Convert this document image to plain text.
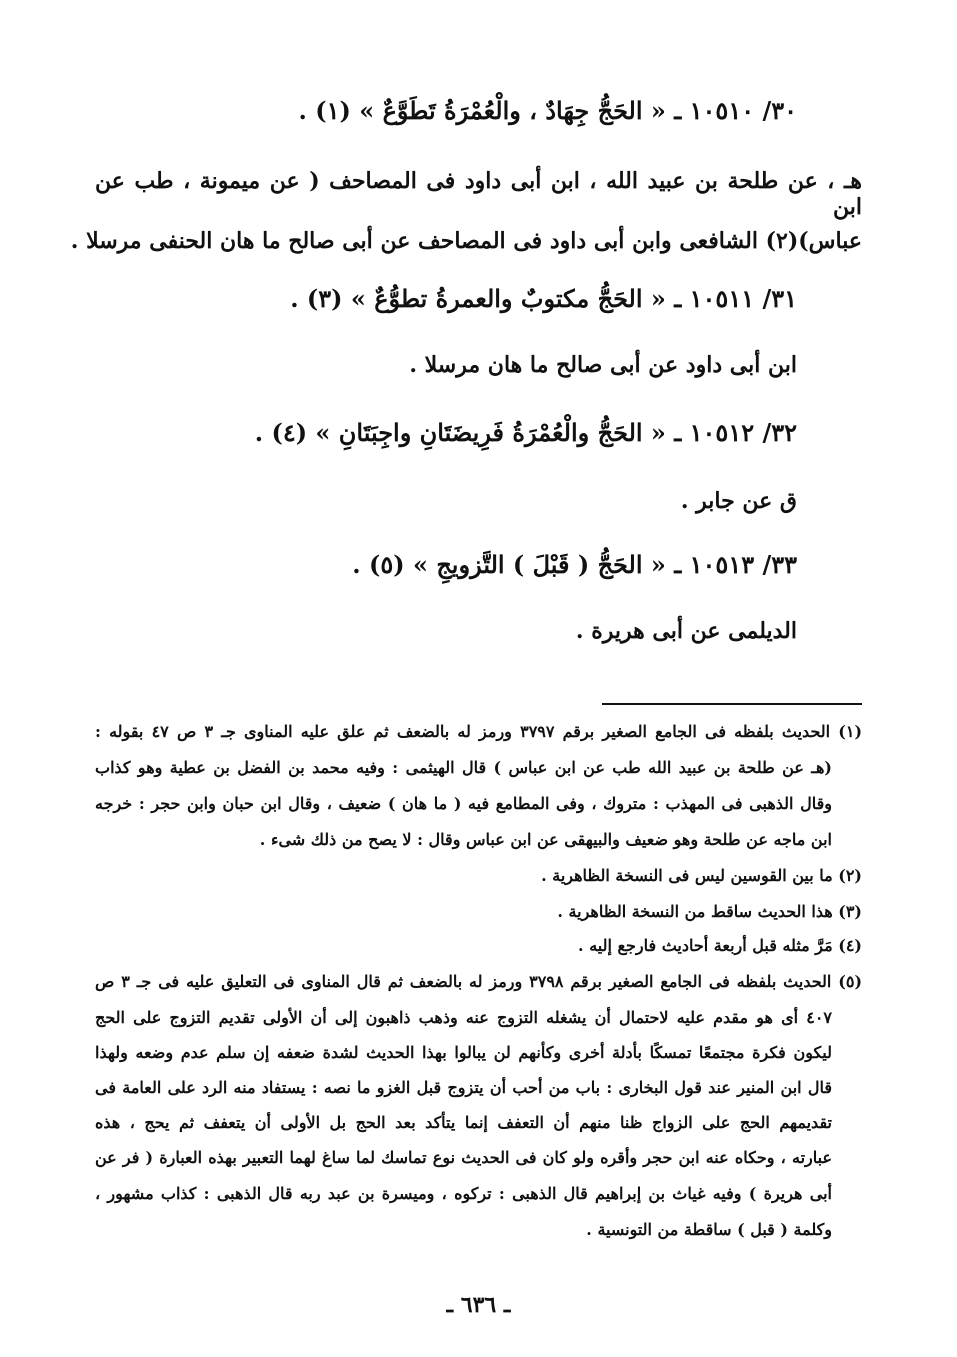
٣٠/ ١٠٥١٠ ـ « الحَجُّ جِهَادٌ ، والْعُمْرَةُ تَطَوَّعٌ » (١) .
هـ ، عن طلحة بن عبيد الله ، ابن أبى داود فى المصاحف ( عن ميمونة ، طب عن ابن
عباس)(٢) الشافعى وابن أبى داود فى المصاحف عن أبى صالح ما هان الحنفى مرسلا .
٣١/ ١٠٥١١ ـ « الحَجُّ مكتوبٌ والعمرةُ تطوُّعٌ » (٣) .
ابن أبى داود عن أبى صالح ما هان مرسلا .
٣٢/ ١٠٥١٢ ـ « الحَجُّ والْعُمْرَةُ فَرِيضَتَانِ واجِبَتَانِ » (٤) .
ق عن جابر .
٣٣/ ١٠٥١٣ ـ « الحَجُّ ( قَبْلَ ) التَّزويجِ » (٥) .
الديلمى عن أبى هريرة .
(١) الحديث بلفظه فى الجامع الصغير برقم ٣٧٩٧ ورمز له بالضعف ثم علق عليه المناوى جـ ٣ ص ٤٧ بقوله :
(هـ عن طلحة بن عبيد الله طب عن ابن عباس ) قال الهيثمى : وفيه محمد بن الفضل بن عطية وهو كذاب
وقال الذهبى فى المهذب : متروك ، وفى المطامع فيه ( ما هان ) ضعيف ، وقال ابن حبان وابن حجر : خرجه
ابن ماجه عن طلحة وهو ضعيف والبيهقى عن ابن عباس وقال : لا يصح من ذلك شىء .
(٢) ما بين القوسين ليس فى النسخة الظاهرية .
(٣) هذا الحديث ساقط من النسخة الظاهرية .
(٤) مَرَّ مثله قبل أربعة أحاديث فارجع إليه .
(٥) الحديث بلفظه فى الجامع الصغير برقم ٣٧٩٨ ورمز له بالضعف ثم قال المناوى فى التعليق عليه فى جـ ٣ ص
٤٠٧ أى هو مقدم عليه لاحتمال أن يشغله التزوج عنه وذهب ذاهبون إلى أن الأولى تقديم التزوج على الحج
ليكون فكرة مجتمعًا تمسكًا بأدلة أخرى وكأنهم لن يبالوا بهذا الحديث لشدة ضعفه إن سلم عدم وضعه ولهذا
قال ابن المنير عند قول البخارى : باب من أحب أن يتزوج قبل الغزو ما نصه : يستفاد منه الرد على العامة فى
تقديمهم الحج على الزواج ظنا منهم أن التعفف إنما يتأكد بعد الحج بل الأولى أن يتعفف ثم يحج ، هذه
عبارته ، وحكاه عنه ابن حجر وأقره ولو كان فى الحديث نوع تماسك لما ساغ لهما التعبير بهذه العبارة ( فر عن
أبى هريرة ) وفيه غياث بن إبراهيم قال الذهبى : تركوه ، وميسرة بن عبد ربه قال الذهبى : كذاب مشهور ،
وكلمة ( قبل ) ساقطة من التونسية .
ـ ٦٣٦ ـ
